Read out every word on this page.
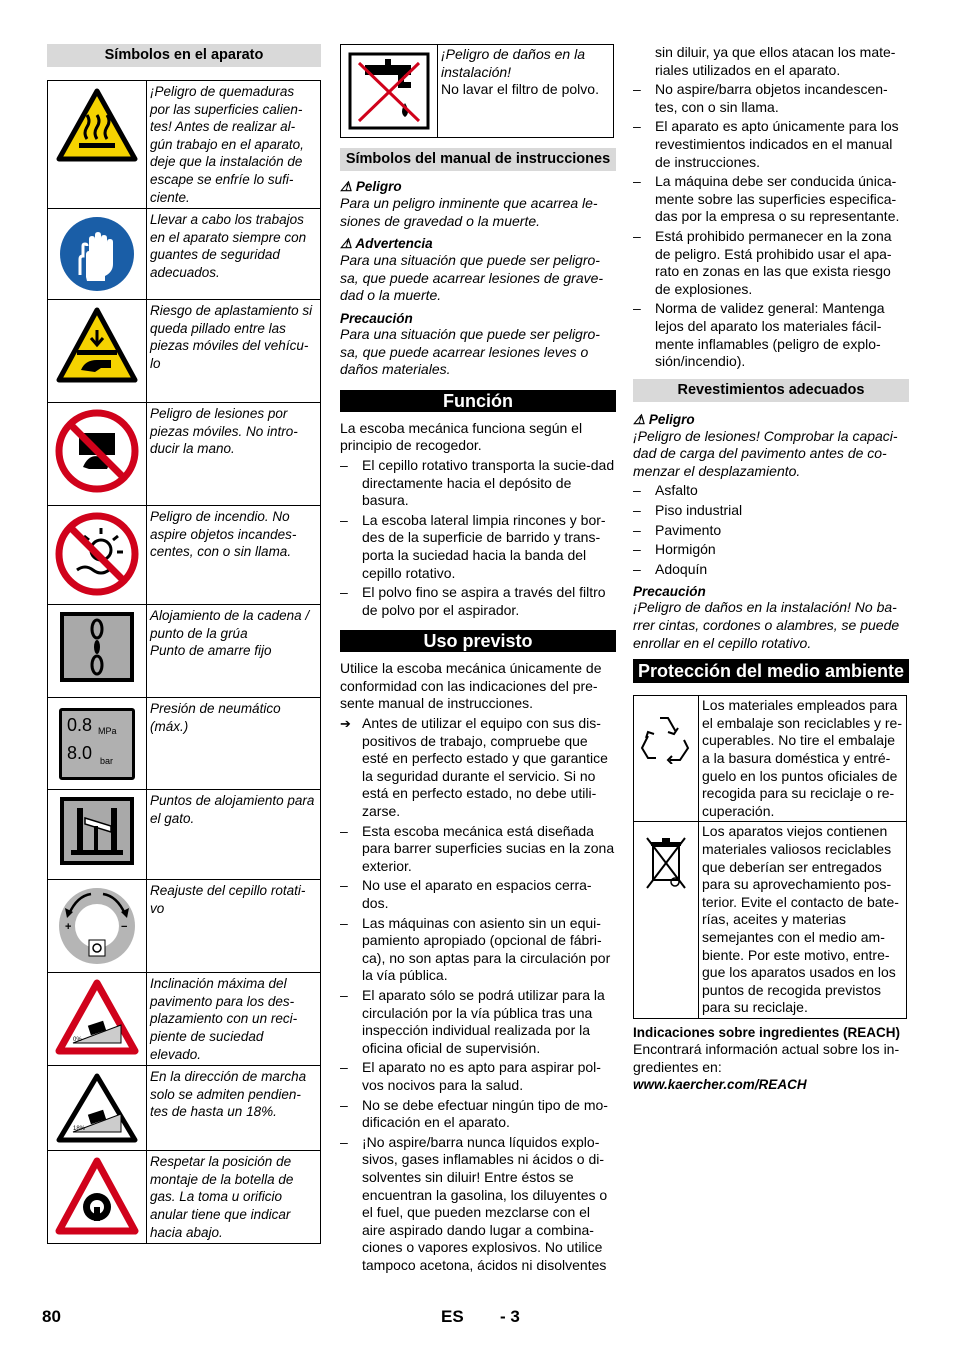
Símbolos en el aparato
	¡Peligro de quemaduras por las superficies calien-tes! Antes de realizar al-gún trabajo en el aparato, deje que la instalación de escape se enfríe lo sufi-ciente.

	Llevar a cabo los trabajos en el aparato siempre con guantes de seguridad adecuados.

	Riesgo de aplastamiento si queda pillado entre las piezas móviles del vehícu-lo

	Peligro de lesiones por piezas móviles. No intro-ducir la mano.

	Peligro de incendio. No aspire objetos incandes-centes, con o sin llama.

	Alojamiento de la cadena / punto de la grúa
Punto de amarre fijo

0.8 MPa
8.0 bar	Presión de neumático (máx.)

	Puntos de alojamiento para el gato.

+ −	Reajuste del cepillo rotati-vo

0%	Inclinación máxima del pavimento para los des-plazamiento con un reci-piente de suciedad elevado.

18%	En la dirección de marcha solo se admiten pendien-tes de hasta un 18%.

	Respetar la posición de montaje de la botella de gas. La toma u orificio anular tiene que indicar hacia abajo.

¡Peligro de daños en la instalación!
No lavar el filtro de polvo.
Símbolos del manual de instrucciones
⚠ Peligro

Para un peligro inminente que acarrea le-siones de gravedad o la muerte.

⚠ Advertencia

Para una situación que puede ser peligro-sa, que puede acarrear lesiones de grave-dad o la muerte.

Precaución

Para una situación que puede ser peligro-sa, que puede acarrear lesiones leves o daños materiales.

Función

La escoba mecánica funciona según el principio de recogedor.

– El cepillo rotativo transporta la sucie-dad directamente hacia el depósito de basura.
– La escoba lateral limpia rincones y bor-des de la superficie de barrido y trans-porta la suciedad hacia la banda del cepillo rotativo.
– El polvo fino se aspira a través del filtro de polvo por el aspirador.
Uso previsto

Utilice la escoba mecánica únicamente de conformidad con las indicaciones del pre-sente manual de instrucciones.

➔ Antes de utilizar el equipo con sus dis-positivos de trabajo, compruebe que esté en perfecto estado y que garantice la seguridad durante el servicio. Si no está en perfecto estado, no debe utili-zarse.
– Esta escoba mecánica está diseñada para barrer superficies sucias en la zona exterior.
– No use el aparato en espacios cerra-dos.
– Las máquinas con asiento sin un equi-pamiento apropiado (opcional de fábri-ca), no son aptas para la circulación por la vía pública.
– El aparato sólo se podrá utilizar para la circulación por la vía pública tras una inspección individual realizada por la oficina oficial de supervisión.
– El aparato no es apto para aspirar pol-vos nocivos para la salud.
– No se debe efectuar ningún tipo de mo-dificación en el aparato.
– ¡No aspire/barra nunca líquidos explo-sivos, gases inflamables ni ácidos o di-solventes sin diluir! Entre éstos se encuentran la gasolina, los diluyentes o el fuel, que pueden mezclarse con el aire aspirado dando lugar a combina-ciones o vapores explosivos. No utilice tampoco acetona, ácidos ni disolventes

sin diluir, ya que ellos atacan los mate-riales utilizados en el aparato.

– No aspire/barra objetos incandescen-tes, con o sin llama.
– El aparato es apto únicamente para los revestimientos indicados en el manual de instrucciones.
– La máquina debe ser conducida única-mente sobre las superficies especifica-das por la empresa o su representante.
– Está prohibido permanecer en la zona de peligro. Está prohibido usar el apa-rato en zonas en las que exista riesgo de explosiones.
– Norma de validez general: Mantenga lejos del aparato los materiales fácil-mente inflamables (peligro de explo-sión/incendio).
Revestimientos adecuados
⚠ Peligro

¡Peligro de lesiones! Comprobar la capaci-dad de carga del pavimento antes de co-menzar el desplazamiento.

– Asfalto
– Piso industrial
– Pavimento
– Hormigón
– Adoquín
Precaución

¡Peligro de daños en la instalación! No ba-rrer cintas, cordones o alambres, se puede enrollar en el cepillo rotativo.

Protección del medio ambiente
	Los materiales empleados para el embalaje son reciclables y re-cuperables. No tire el embalaje a la basura doméstica y entré-guelo en los puntos oficiales de recogida para su reciclaje o re-cuperación.

	Los aparatos viejos contienen materiales valiosos reciclables que deberían ser entregados para su aprovechamiento pos-terior. Evite el contacto de bate-rías, aceites y materias semejantes con el medio am-biente. Por este motivo, entre-gue los aparatos usados en los puntos de recogida previstos para su reciclaje.
Indicaciones sobre ingredientes (REACH)

Encontrará información actual sobre los in-gredientes en:

www.kaercher.com/REACH
80	ES - 3
